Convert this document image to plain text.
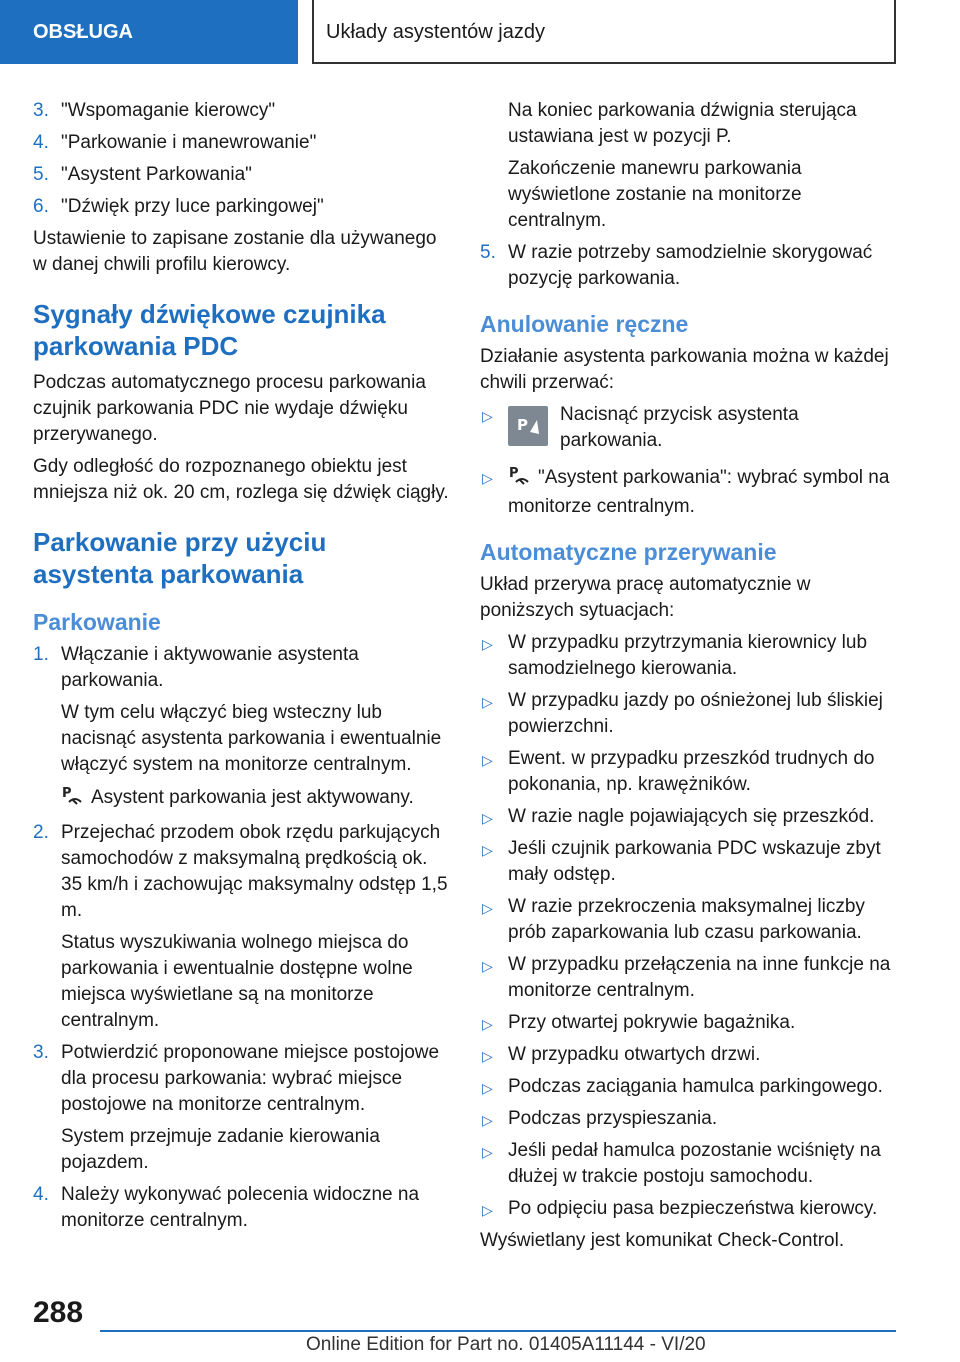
OBSŁUGA	Układy asystentów jazdy
3. "Wspomaganie kierowcy"
4. "Parkowanie i manewrowanie"
5. "Asystent Parkowania"
6. "Dźwięk przy luce parkingowej"

Ustawienie to zapisane zostanie dla używanego w danej chwili profilu kierowcy.

Sygnały dźwiękowe czujnika parkowania PDC

Podczas automatycznego procesu parkowania czujnik parkowania PDC nie wydaje dźwięku przerywanego.

Gdy odległość do rozpoznanego obiektu jest mniejsza niż ok. 20 cm, rozlega się dźwięk ciągły.

Parkowanie przy użyciu asystenta parkowania
Parkowanie
1. Włączanie i aktywowanie asystenta parkowania.
W tym celu włączyć bieg wsteczny lub nacisnąć asystenta parkowania i ewentualnie włączyć system na monitorze centralnym.
P Asystent parkowania jest aktywowany.
2. Przejechać przodem obok rzędu parkujących samochodów z maksymalną prędkością ok. 35 km/h i zachowując maksymalny odstęp 1,5 m.
Status wyszukiwania wolnego miejsca do parkowania i ewentualnie dostępne wolne miejsca wyświetlane są na monitorze centralnym.
3. Potwierdzić proponowane miejsce postojowe dla procesu parkowania: wybrać miejsce postojowe na monitorze centralnym.
System przejmuje zadanie kierowania pojazdem.
4. Należy wykonywać polecenia widoczne na monitorze centralnym.
Na koniec parkowania dźwignia sterująca ustawiana jest w pozycji P.
Zakończenie manewru parkowania wyświetlone zostanie na monitorze centralnym.
5. W razie potrzeby samodzielnie skorygować pozycję parkowania.
Anulowanie ręczne

Działanie asystenta parkowania można w każdej chwili przerwać:

▷ P Nacisnąć przycisk asystenta parkowania.
▷ P "Asystent parkowania": wybrać symbol na monitorze centralnym.
Automatyczne przerywanie

Układ przerywa pracę automatycznie w poniższych sytuacjach:

▷ W przypadku przytrzymania kierownicy lub samodzielnego kierowania.
▷ W przypadku jazdy po ośnieżonej lub śliskiej powierzchni.
▷ Ewent. w przypadku przeszkód trudnych do pokonania, np. krawężników.
▷ W razie nagle pojawiających się przeszkód.
▷ Jeśli czujnik parkowania PDC wskazuje zbyt mały odstęp.
▷ W razie przekroczenia maksymalnej liczby prób zaparkowania lub czasu parkowania.
▷ W przypadku przełączenia na inne funkcje na monitorze centralnym.
▷ Przy otwartej pokrywie bagażnika.
▷ W przypadku otwartych drzwi.
▷ Podczas zaciągania hamulca parkingowego.
▷ Podczas przyspieszania.
▷ Jeśli pedał hamulca pozostanie wciśnięty na dłużej w trakcie postoju samochodu.
▷ Po odpięciu pasa bezpieczeństwa kierowcy.

Wyświetlany jest komunikat Check-Control.

288
Online Edition for Part no. 01405A11144 - VI/20
